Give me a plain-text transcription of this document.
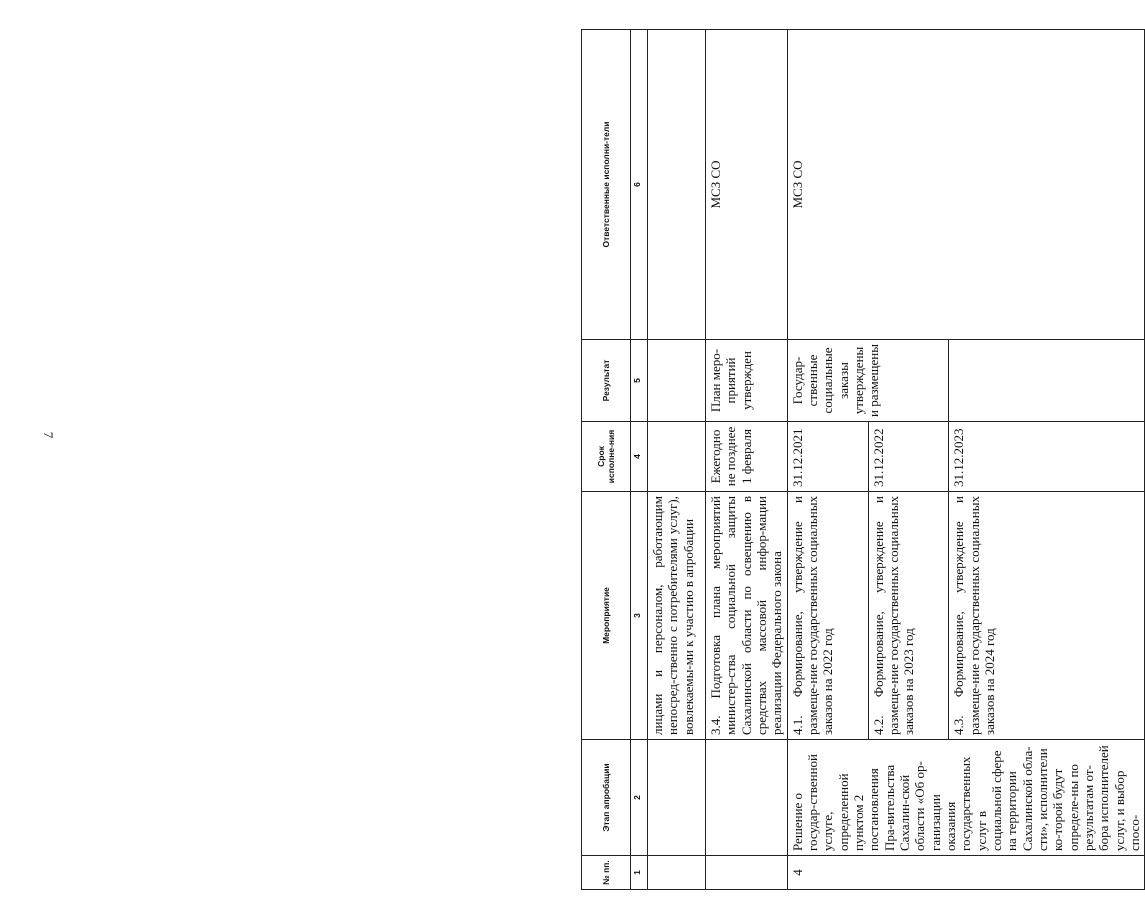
7
№ пп.	Этап апробации	Мероприятие	Срок исполне-ния	Результат	Ответственные исполни-тели
1	2	3	4	5	6
		лицами и персоналом, работающим непосред-ственно с потребителями услуг), вовлекаемы-ми к участию в апробации			
		3.4. Подготовка плана мероприятий министер-ства социальной защиты Сахалинской области по освещению в средствах массовой инфор-мации реализации Федерального закона	Ежегодно не позднее 1 февраля	План меро-приятий утвержден	МСЗ СО
4	Решение о государ-ственной услуге, определенной пунктом 2 постановления Пра-вительства Сахалин-ской области «Об ор-ганизации оказания государственных услуг в социальной сфере на территории Сахалинской обла-сти», исполнители ко-торой будут определе-ны по результатам от-бора исполнителей услуг, и выбор спосо-	4.1. Формирование, утверждение и размеще-ние государственных социальных заказов на 2022 год	31.12.2021	Государ-ственные социальные заказы утверждены и размещены	МСЗ СО
		4.2. Формирование, утверждение и размеще-ние государственных социальных заказов на 2023 год	31.12.2022		
		4.3. Формирование, утверждение и размеще-ние государственных социальных заказов на 2024 год	31.12.2023		
